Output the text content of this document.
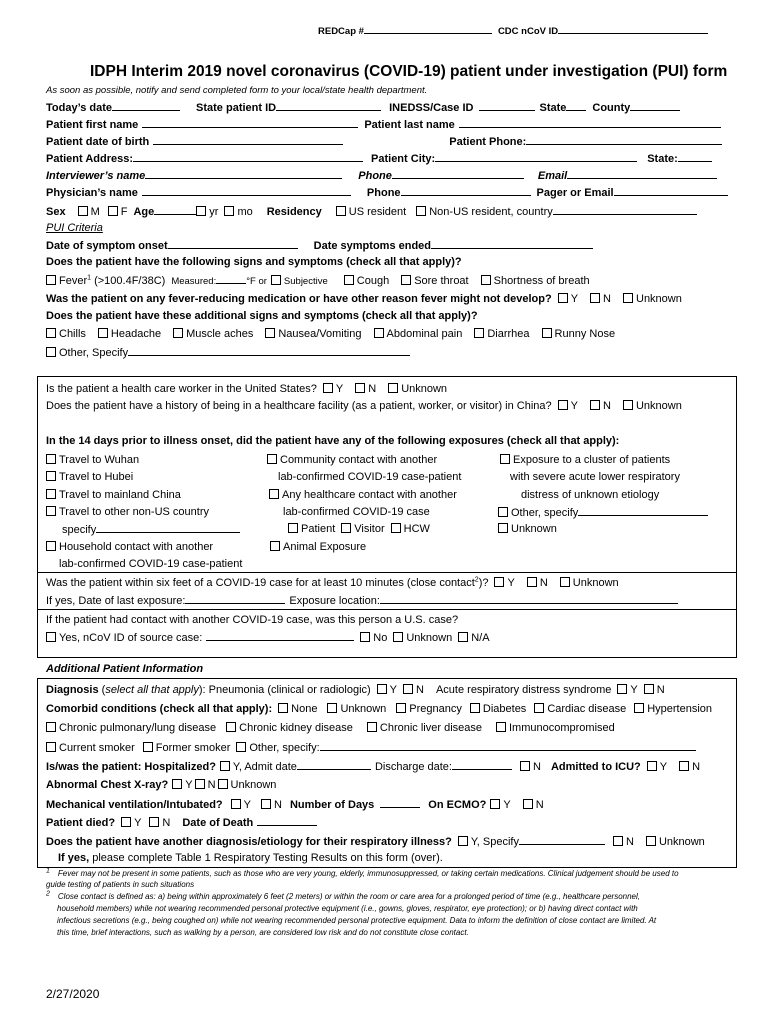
REDCap #	CDC nCoV ID
IDPH Interim 2019 novel coronavirus (COVID-19) patient under investigation (PUI) form
As soon as possible, notify and send completed form to your local/state health department.
Today’s date	State patient ID	INEDSS/Case ID	State County
Patient first name	Patient last name
Patient date of birth	Patient Phone:
Patient Address:	Patient City:	State:
Interviewer’s name	Phone	Email
Physician’s name	Phone	Pager or Email
Sex M F Age	yr mo Residency US resident Non-US resident, country
PUI Criteria
Date of symptom onset	Date symptoms ended
Does the patient have the following signs and symptoms (check all that apply)?
Fever$^1$ (>100.4F/38C) Measured:	°F or Subjective	Cough Sore throat Shortness of breath
Was the patient on any fever-reducing medication or have other reason fever might not develop? Y N Unknown
Does the patient have these additional signs and symptoms (check all that apply)?
Chills Headache Muscle aches Nausea/Vomiting Abdominal pain Diarrhea Runny Nose
Other, Specify
Is the patient a health care worker in the United States? Y N Unknown
Does the patient have a history of being in a healthcare facility (as a patient, worker, or visitor) in China? Y N Unknown
In the 14 days prior to illness onset, did the patient have any of the following exposures (check all that apply):
Travel to Wuhan
Travel to Hubei
Travel to mainland China
Travel to other non-US country
specify
Household contact with another
lab-confirmed COVID-19 case-patient
Community contact with another
lab-confirmed COVID-19 case-patient
Any healthcare contact with another
lab-confirmed COVID-19 case
Patient Visitor HCW
Animal Exposure
Exposure to a cluster of patients
with severe acute lower respiratory
distress of unknown etiology
Other, specify
Unknown
Was the patient within six feet of a COVID-19 case for at least 10 minutes (close contact$^2$)? Y N Unknown
If yes, Date of last exposure:	Exposure location:
If the patient had contact with another COVID-19 case, was this person a U.S. case?
Yes, nCoV ID of source case:	No Unknown N/A
Additional Patient Information
Diagnosis (select all that apply): Pneumonia (clinical or radiologic) Y N Acute respiratory distress syndrome Y N
Comorbid conditions (check all that apply): None Unknown Pregnancy Diabetes Cardiac disease Hypertension
Chronic pulmonary/lung disease Chronic kidney disease Chronic liver disease Immunocompromised
Current smoker Former smoker Other, specify:
Is/was the patient: Hospitalized? Y, Admit date	Discharge date:	N Admitted to ICU? Y N
Abnormal Chest X-ray? Y N Unknown
Mechanical ventilation/Intubated? Y N Number of Days	On ECMO? Y N
Patient died? Y N Date of Death
Does the patient have another diagnosis/etiology for their respiratory illness? Y, Specify	N Unknown
If yes, please complete Table 1 Respiratory Testing Results on this form (over).
$^1$ Fever may not be present in some patients, such as those who are very young, elderly, immunosuppressed, or taking certain medications. Clinical judgement should be used to
guide testing of patients in such situations
$^2$ Close contact is defined as: a) being within approximately 6 feet (2 meters) or within the room or care area for a prolonged period of time (e.g., healthcare personnel,
household members) while not wearing recommended personal protective equipment (i.e., gowns, gloves, respirator, eye protection); or b) having direct contact with
infectious secretions (e.g., being coughed on) while not wearing recommended personal protective equipment. Data to inform the definition of close contact are limited. At
this time, brief interactions, such as walking by a person, are considered low risk and do not constitute close contact.
2/27/2020
